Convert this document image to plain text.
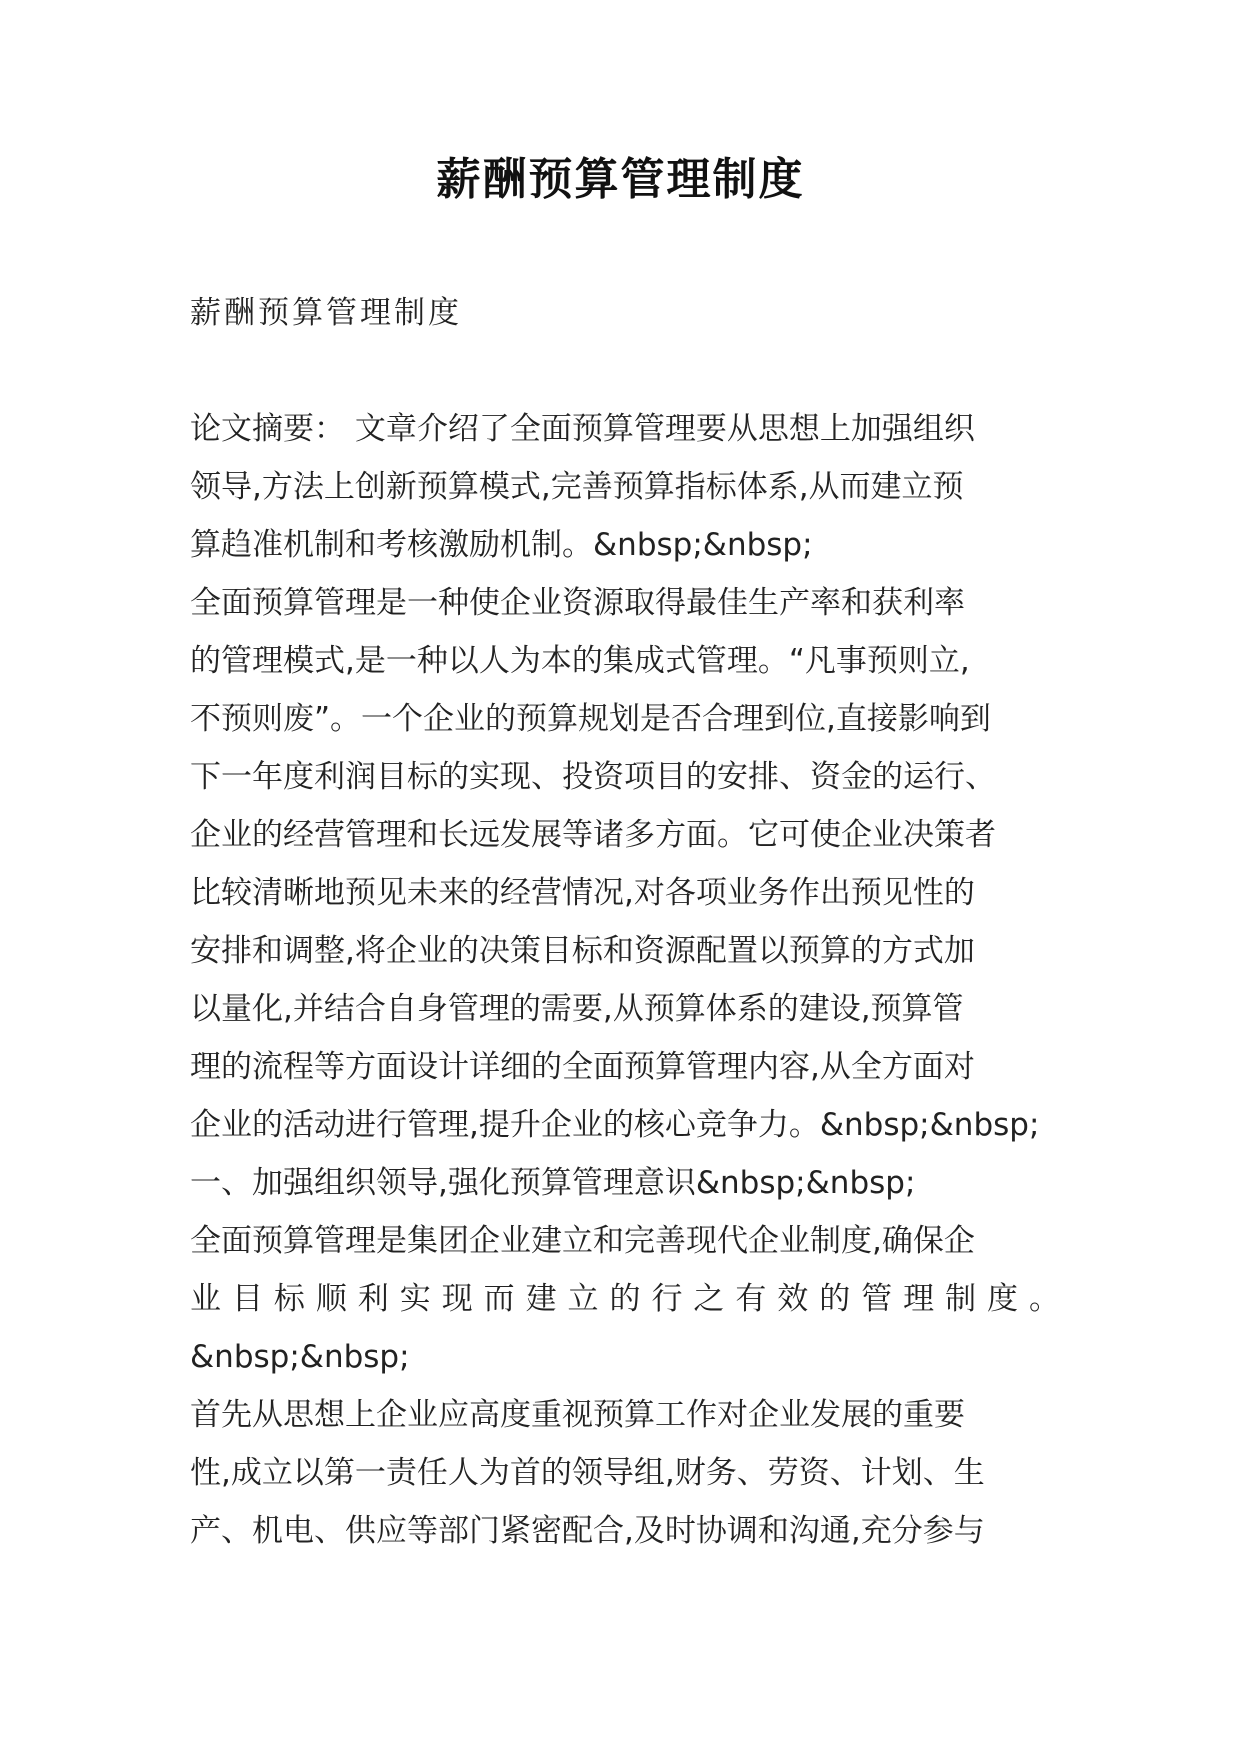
薪酬预算管理制度
薪酬预算管理制度
论文摘要： 文章介绍了全面预算管理要从思想上加强组织
领导,方法上创新预算模式,完善预算指标体系,从而建立预
算趋准机制和考核激励机制。&nbsp;&nbsp;
全面预算管理是一种使企业资源取得最佳生产率和获利率
的管理模式,是一种以人为本的集成式管理。“凡事预则立,
不预则废”。一个企业的预算规划是否合理到位,直接影响到
下一年度利润目标的实现、投资项目的安排、资金的运行、
企业的经营管理和长远发展等诸多方面。它可使企业决策者
比较清晰地预见未来的经营情况,对各项业务作出预见性的
安排和调整,将企业的决策目标和资源配置以预算的方式加
以量化,并结合自身管理的需要,从预算体系的建设,预算管
理的流程等方面设计详细的全面预算管理内容,从全方面对
企业的活动进行管理,提升企业的核心竞争力。&nbsp;&nbsp;
一、加强组织领导,强化预算管理意识&nbsp;&nbsp;
全面预算管理是集团企业建立和完善现代企业制度,确保企
业目标顺利实现而建立的行之有效的管理制度。
&nbsp;&nbsp;
首先从思想上企业应高度重视预算工作对企业发展的重要
性,成立以第一责任人为首的领导组,财务、劳资、计划、生
产、机电、供应等部门紧密配合,及时协调和沟通,充分参与
